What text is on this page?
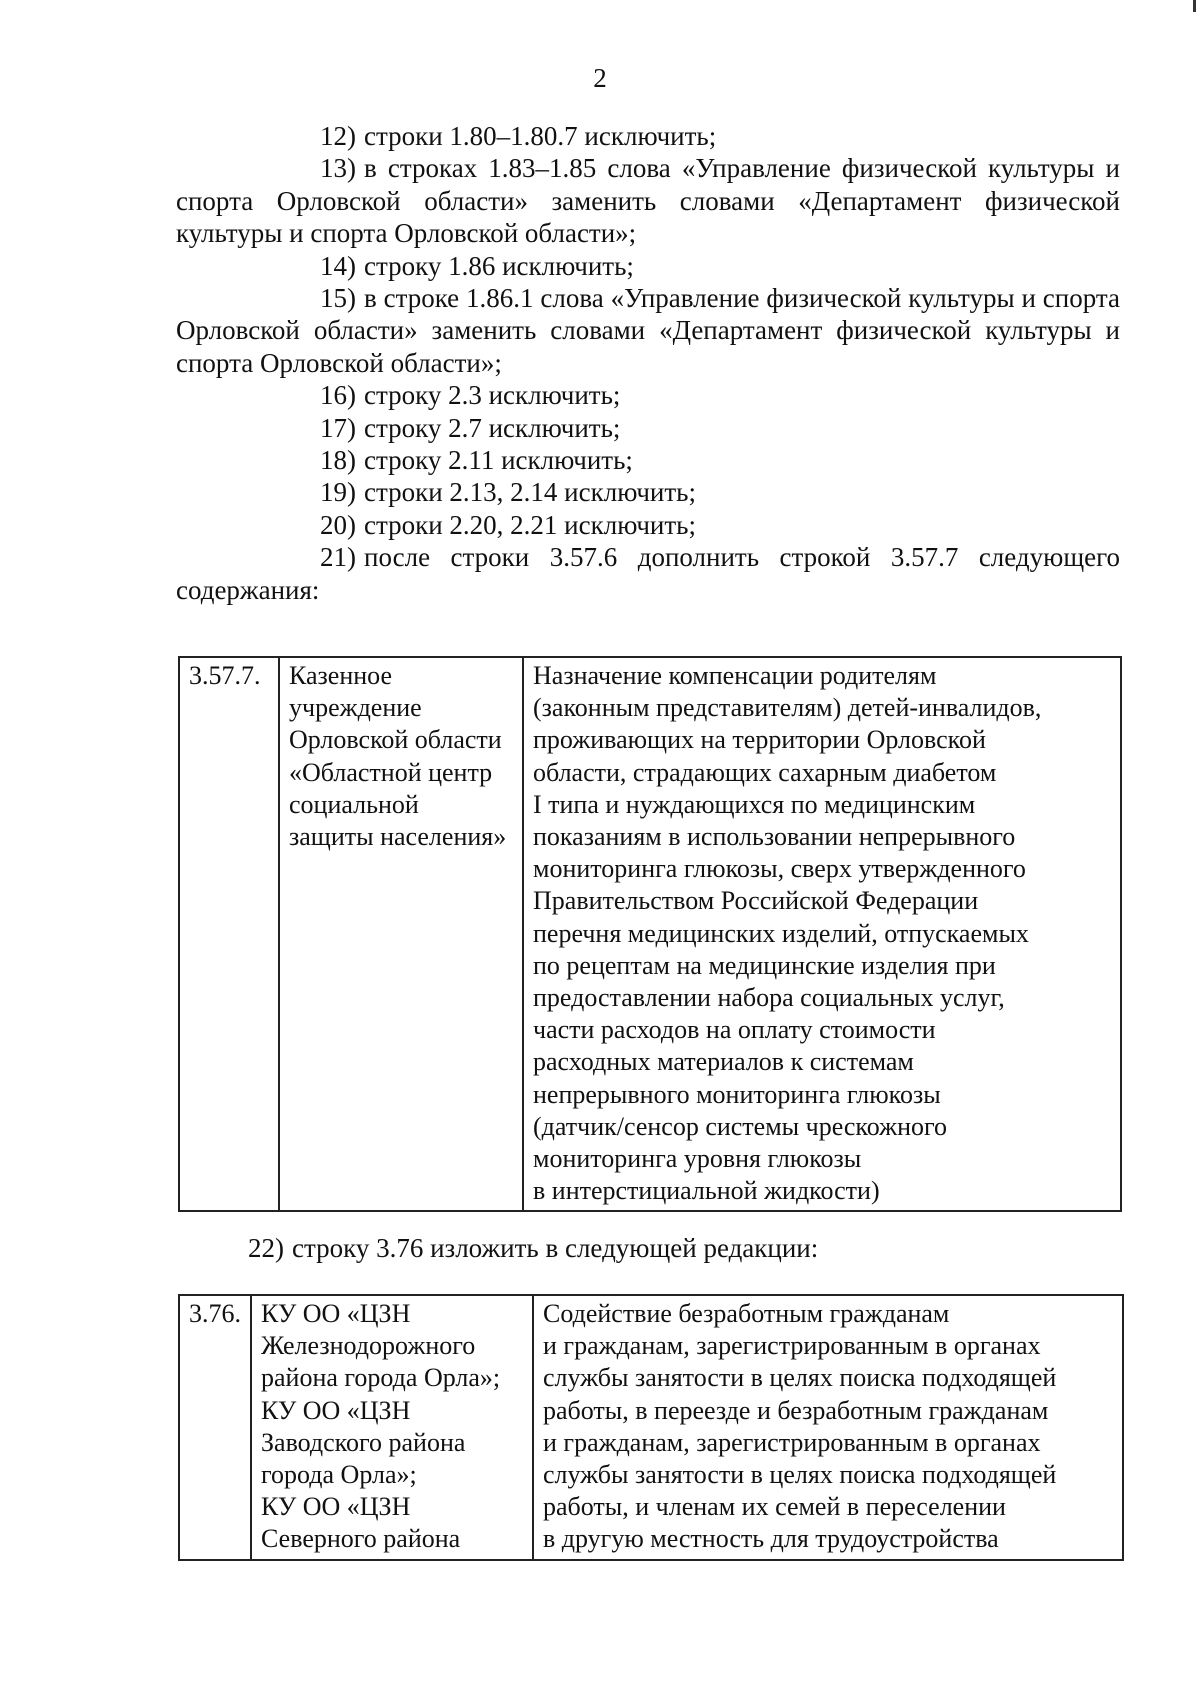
2

12) строки 1.80–1.80.7 исключить;

13) в строках 1.83–1.85 слова «Управление физической культуры и спорта Орловской области» заменить словами «Департамент физической культуры и спорта Орловской области»;

14) строку 1.86 исключить;

15) в строке 1.86.1 слова «Управление физической культуры и спорта Орловской области» заменить словами «Департамент физической культуры и спорта Орловской области»;

16) строку 2.3 исключить;

17) строку 2.7 исключить;

18) строку 2.11 исключить;

19) строки 2.13, 2.14 исключить;

20) строки 2.20, 2.21 исключить;

21) после строки 3.57.6 дополнить строкой 3.57.7 следующего содержания:

3.57.7.	Казенное
учреждение
Орловской области
«Областной центр
социальной
защиты населения»

Назначение компенсации родителям
(законным представителям) детей-инвалидов,
проживающих на территории Орловской
области, страдающих сахарным диабетом
I типа и нуждающихся по медицинским
показаниям в использовании непрерывного
мониторинга глюкозы, сверх утвержденного
Правительством Российской Федерации
перечня медицинских изделий, отпускаемых
по рецептам на медицинские изделия при
предоставлении набора социальных услуг,
части расходов на оплату стоимости
расходных материалов к системам
непрерывного мониторинга глюкозы
(датчик/сенсор системы чрескожного
мониторинга уровня глюкозы
в интерстициальной жидкости)
22) строку 3.76 изложить в следующей редакции:
3.76.	КУ ОО «ЦЗН
Железнодорожного
района города Орла»;
КУ ОО «ЦЗН
Заводского района
города Орла»;
КУ ОО «ЦЗН
Северного района

Содействие безработным гражданам
и гражданам, зарегистрированным в органах
службы занятости в целях поиска подходящей
работы, в переезде и безработным гражданам
и гражданам, зарегистрированным в органах
службы занятости в целях поиска подходящей
работы, и членам их семей в переселении
в другую местность для трудоустройства
